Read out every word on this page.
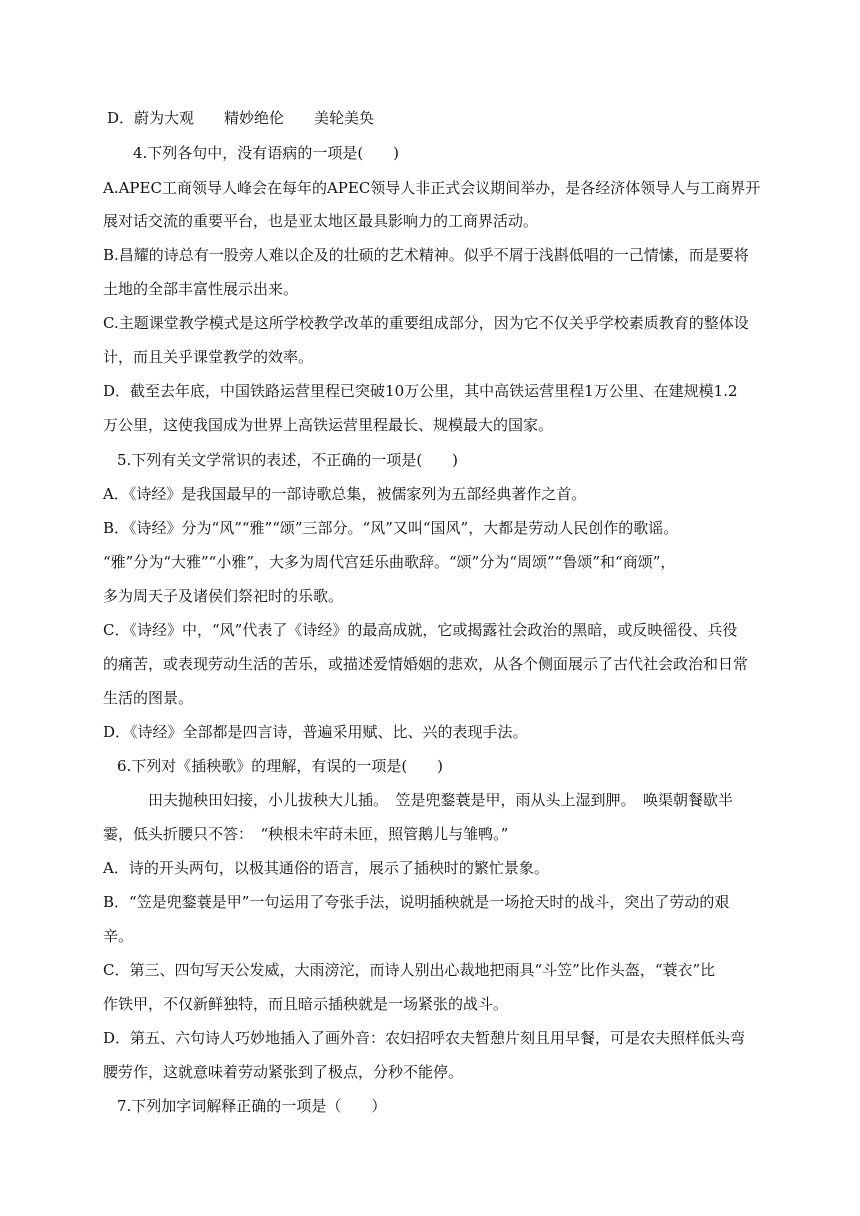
D．蔚为大观　　精妙绝伦　　美轮美奂
4.下列各句中，没有语病的一项是(　　)
A.APEC工商领导人峰会在每年的APEC领导人非正式会议期间举办，是各经济体领导人与工商界开
展对话交流的重要平台，也是亚太地区最具影响力的工商界活动。
B.昌耀的诗总有一股旁人难以企及的壮硕的艺术精神。似乎不屑于浅斟低唱的一己情愫，而是要将
土地的全部丰富性展示出来。
C.主题课堂教学模式是这所学校教学改革的重要组成部分，因为它不仅关乎学校素质教育的整体设
计，而且关乎课堂教学的效率。
D．截至去年底，中国铁路运营里程已突破10万公里，其中高铁运营里程1万公里、在建规模1.2
万公里，这使我国成为世界上高铁运营里程最长、规模最大的国家。
5.下列有关文学常识的表述，不正确的一项是(　　)
A．《诗经》是我国最早的一部诗歌总集，被儒家列为五部经典著作之首。
B．《诗经》分为“风”“雅”“颂”三部分。“风”又叫“国风”，大都是劳动人民创作的歌谣。
“雅”分为“大雅”“小雅”，大多为周代宫廷乐曲歌辞。“颂”分为“周颂”“鲁颂”和“商颂”，
多为周天子及诸侯们祭祀时的乐歌。
C．《诗经》中，“风”代表了《诗经》的最高成就，它或揭露社会政治的黑暗，或反映徭役、兵役
的痛苦，或表现劳动生活的苦乐，或描述爱情婚姻的悲欢，从各个侧面展示了古代社会政治和日常
生活的图景。
D．《诗经》全部都是四言诗，普遍采用赋、比、兴的表现手法。
6.下列对《插秧歌》的理解，有误的一项是(　　)
田夫抛秧田妇接，小儿拔秧大儿插。　笠是兜鍪蓑是甲，雨从头上湿到胛。　唤渠朝餐歇半
霎，低头折腰只不答：　“秧根未牢莳未匝，照管鹅儿与雏鸭。”
A．诗的开头两句，以极其通俗的语言，展示了插秧时的繁忙景象。
B．“笠是兜鍪蓑是甲”一句运用了夸张手法，说明插秧就是一场抢天时的战斗，突出了劳动的艰
辛。
C．第三、四句写天公发威，大雨滂沱，而诗人别出心裁地把雨具“斗笠”比作头盔，“蓑衣”比
作铁甲，不仅新鲜独特，而且暗示插秧就是一场紧张的战斗。
D．第五、六句诗人巧妙地插入了画外音：农妇招呼农夫暂憩片刻且用早餐，可是农夫照样低头弯
腰劳作，这就意味着劳动紧张到了极点，分秒不能停。
7.下列加字词解释正确的一项是（　　）
